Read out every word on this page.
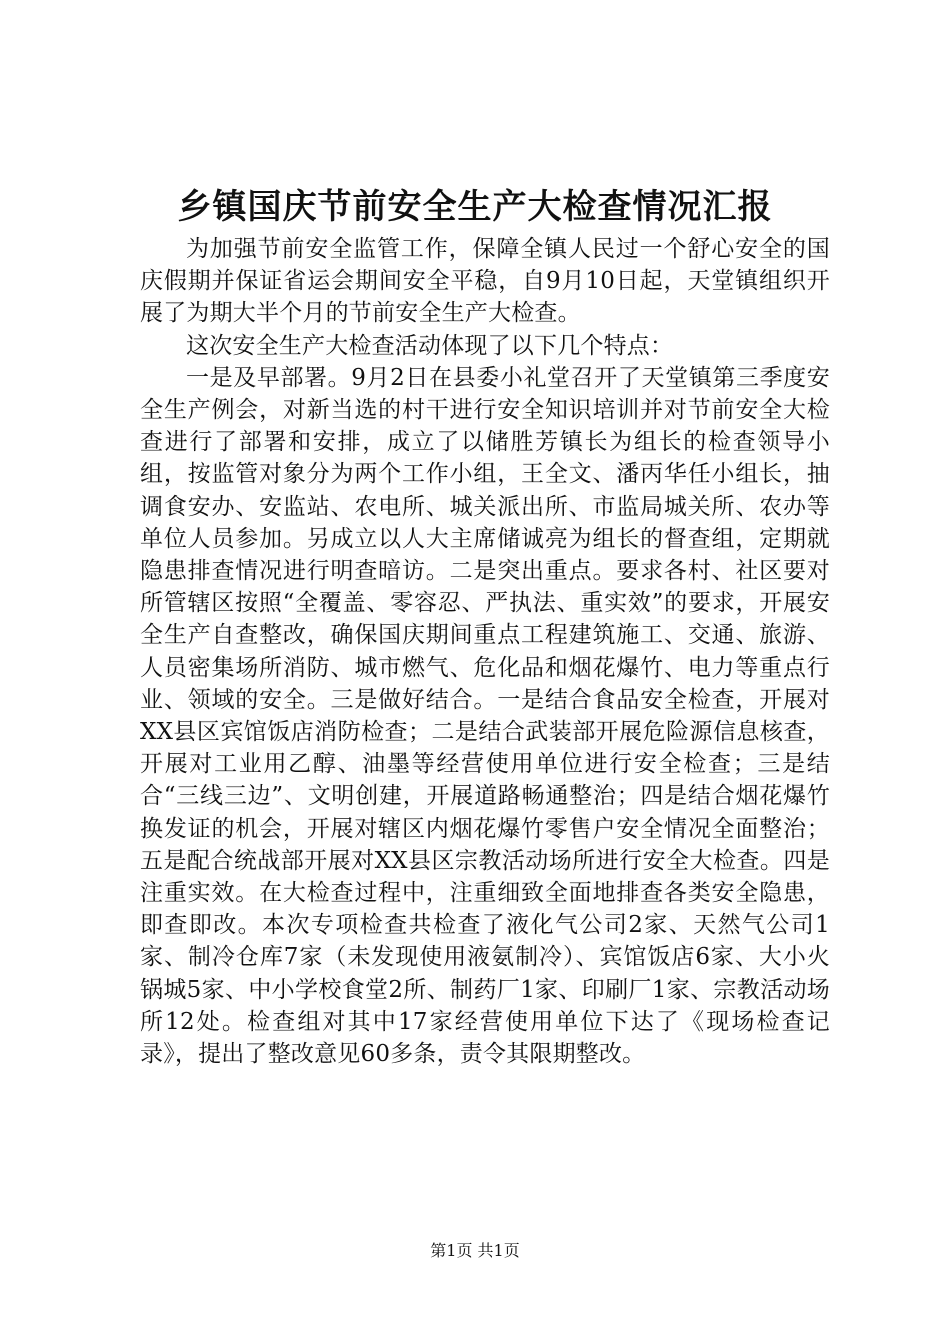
乡镇国庆节前安全生产大检查情况汇报

为加强节前安全监管工作，保障全镇人民过一个舒心安全的国庆假期并保证省运会期间安全平稳，自9月10日起，天堂镇组织开展了为期大半个月的节前安全生产大检查。

这次安全生产大检查活动体现了以下几个特点：

一是及早部署。9月2日在县委小礼堂召开了天堂镇第三季度安全生产例会，对新当选的村干进行安全知识培训并对节前安全大检查进行了部署和安排，成立了以储胜芳镇长为组长的检查领导小组，按监管对象分为两个工作小组，王全文、潘丙华任小组长，抽调食安办、安监站、农电所、城关派出所、市监局城关所、农办等单位人员参加。另成立以人大主席储诚亮为组长的督查组，定期就隐患排查情况进行明查暗访。二是突出重点。要求各村、社区要对所管辖区按照“全覆盖、零容忍、严执法、重实效”的要求，开展安全生产自查整改，确保国庆期间重点工程建筑施工、交通、旅游、人员密集场所消防、城市燃气、危化品和烟花爆竹、电力等重点行业、领域的安全。三是做好结合。一是结合食品安全检查，开展对XX县区宾馆饭店消防检查；二是结合武装部开展危险源信息核查，开展对工业用乙醇、油墨等经营使用单位进行安全检查；三是结合“三线三边”、文明创建，开展道路畅通整治；四是结合烟花爆竹换发证的机会，开展对辖区内烟花爆竹零售户安全情况全面整治；五是配合统战部开展对XX县区宗教活动场所进行安全大检查。四是注重实效。在大检查过程中，注重细致全面地排查各类安全隐患，即查即改。本次专项检查共检查了液化气公司2家、天然气公司1家、制冷仓库7家（未发现使用液氨制冷）、宾馆饭店6家、大小火锅城5家、中小学校食堂2所、制药厂1家、印刷厂1家、宗教活动场所12处。检查组对其中17家经营使用单位下达了《现场检查记录》，提出了整改意见60多条，责令其限期整改。

第1页 共1页
